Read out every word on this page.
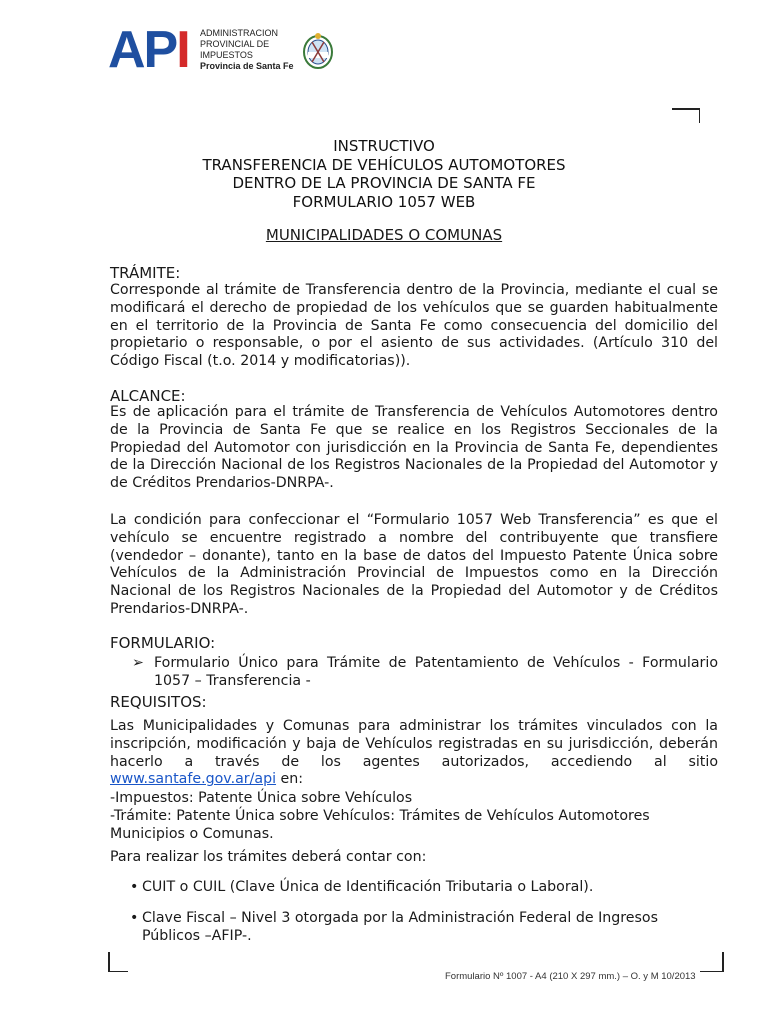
API ADMINISTRACION
PROVINCIAL DE
IMPUESTOS
Provincia de Santa Fe
INSTRUCTIVO
TRANSFERENCIA DE VEHÍCULOS AUTOMOTORES
DENTRO DE LA PROVINCIA DE SANTA FE
FORMULARIO 1057 WEB
MUNICIPALIDADES O COMUNAS
TRÁMITE:
Corresponde al trámite de Transferencia dentro de la Provincia, mediante el cual se modificará el derecho de propiedad de los vehículos que se guarden habitualmente en el territorio de la Provincia de Santa Fe como consecuencia del domicilio del propietario o responsable, o por el asiento de sus actividades. (Artículo 310 del Código Fiscal (t.o. 2014 y modificatorias)).
ALCANCE:
Es de aplicación para el trámite de Transferencia de Vehículos Automotores dentro de la Provincia de Santa Fe que se realice en los Registros Seccionales de la Propiedad del Automotor con jurisdicción en la Provincia de Santa Fe, dependientes de la Dirección Nacional de los Registros Nacionales de la Propiedad del Automotor y de Créditos Prendarios-DNRPA-.
La condición para confeccionar el “Formulario 1057 Web Transferencia” es que el vehículo se encuentre registrado a nombre del contribuyente que transfiere (vendedor – donante), tanto en la base de datos del Impuesto Patente Única sobre Vehículos de la Administración Provincial de Impuestos como en la Dirección Nacional de los Registros Nacionales de la Propiedad del Automotor y de Créditos Prendarios-DNRPA-.
FORMULARIO:
➢ Formulario Único para Trámite de Patentamiento de Vehículos - Formulario 1057 – Transferencia -
REQUISITOS:
Las Municipalidades y Comunas para administrar los trámites vinculados con la inscripción, modificación y baja de Vehículos registradas en su jurisdicción, deberán hacerlo a través de los agentes autorizados, accediendo al sitio www.santafe.gov.ar/api en:
-Impuestos: Patente Única sobre Vehículos
-Trámite: Patente Única sobre Vehículos: Trámites de Vehículos Automotores Municipios o Comunas.
Para realizar los trámites deberá contar con:
• CUIT o CUIL (Clave Única de Identificación Tributaria o Laboral).
• Clave Fiscal – Nivel 3 otorgada por la Administración Federal de Ingresos Públicos –AFIP-.
Formulario Nº 1007 - A4 (210 X 297 mm.) – O. y M 10/2013
